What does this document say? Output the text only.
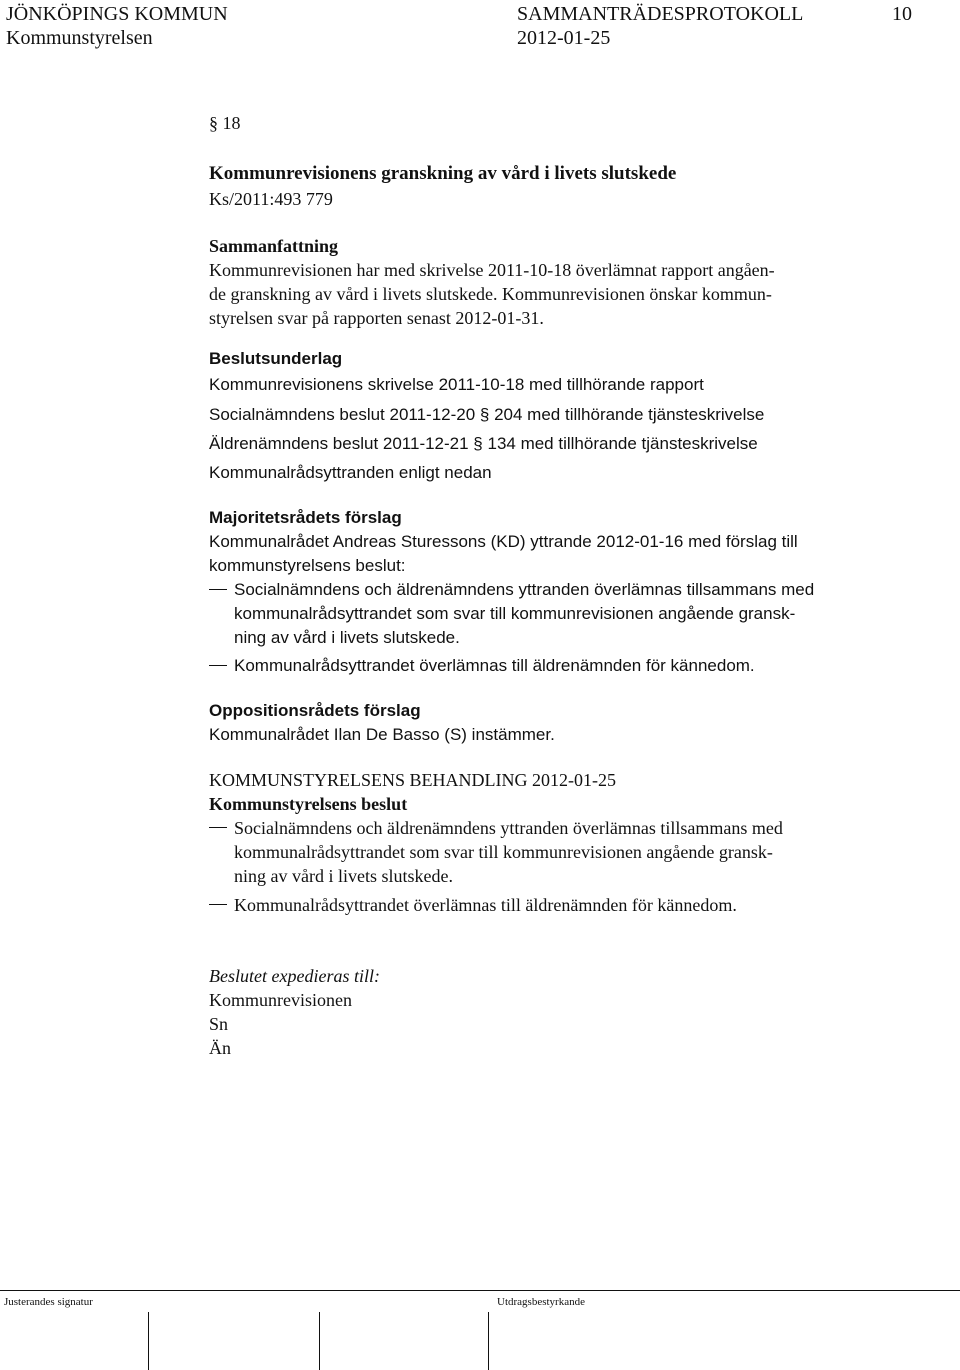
JÖNKÖPINGS KOMMUN	SAMMANTRÄDESPROTOKOLL	10
Kommunstyrelsen	2012-01-25
§ 18
Kommunrevisionens granskning av vård i livets slutskede
Ks/2011:493 779
Sammanfattning
Kommunrevisionen har med skrivelse 2011-10-18 överlämnat rapport angåen-
de granskning av vård i livets slutskede. Kommunrevisionen önskar kommun-
styrelsen svar på rapporten senast 2012-01-31.
Beslutsunderlag
Kommunrevisionens skrivelse 2011-10-18 med tillhörande rapport
Socialnämndens beslut 2011-12-20 § 204 med tillhörande tjänsteskrivelse
Äldrenämndens beslut 2011-12-21 § 134 med tillhörande tjänsteskrivelse
Kommunalrådsyttranden enligt nedan
Majoritetsrådets förslag
Kommunalrådet Andreas Sturessons (KD) yttrande 2012-01-16 med förslag till
kommunstyrelsens beslut:
Socialnämndens och äldrenämndens yttranden överlämnas tillsammans med
kommunalrådsyttrandet som svar till kommunrevisionen angående gransk-
ning av vård i livets slutskede.
Kommunalrådsyttrandet överlämnas till äldrenämnden för kännedom.
Oppositionsrådets förslag
Kommunalrådet Ilan De Basso (S) instämmer.
KOMMUNSTYRELSENS BEHANDLING 2012-01-25
Kommunstyrelsens beslut
Socialnämndens och äldrenämndens yttranden överlämnas tillsammans med
kommunalrådsyttrandet som svar till kommunrevisionen angående gransk-
ning av vård i livets slutskede.
Kommunalrådsyttrandet överlämnas till äldrenämnden för kännedom.
Beslutet expedieras till:
Kommunrevisionen
Sn
Än
Justerandes signatur	Utdragsbestyrkande
